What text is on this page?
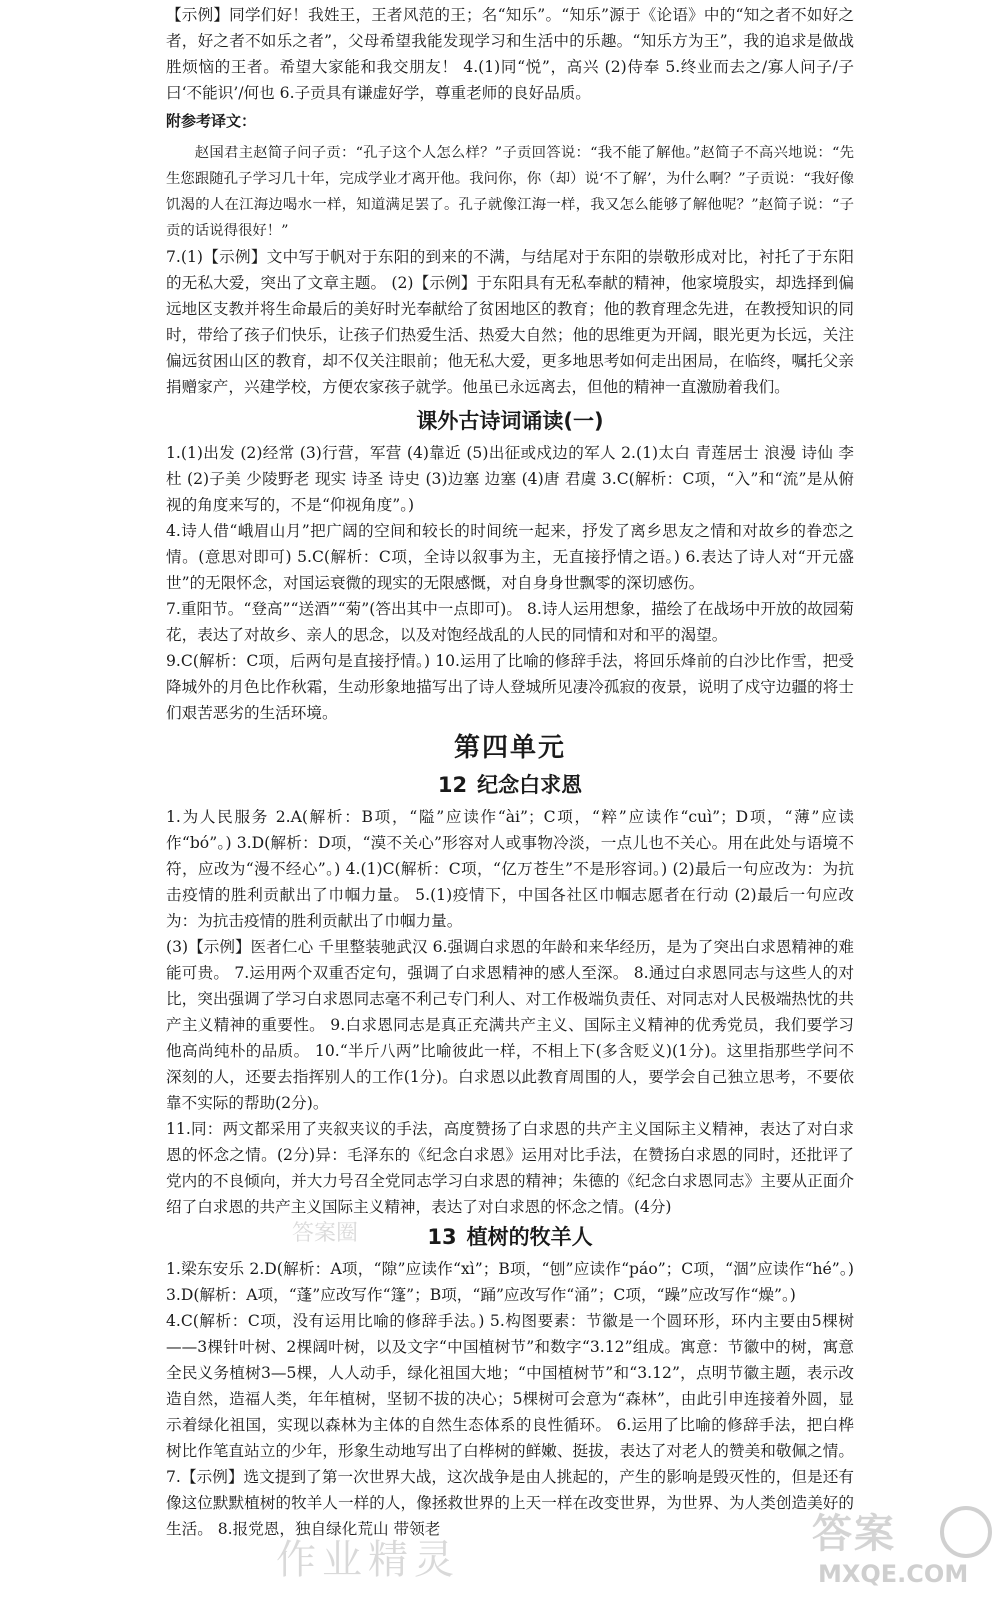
【示例】同学们好！我姓王，王者风范的王；名“知乐”。“知乐”源于《论语》中的“知之者不如好之者，好之者不如乐之者”，父母希望我能发现学习和生活中的乐趣。“知乐方为王”，我的追求是做战胜烦恼的王者。希望大家能和我交朋友！ 4.(1)同“悦”，高兴 (2)侍奉 5.终业而去之/寡人问子/子曰‘不能识’/何也 6.子贡具有谦虚好学，尊重老师的良好品质。

附参考译文：

赵国君主赵简子问子贡：“孔子这个人怎么样？”子贡回答说：“我不能了解他。”赵简子不高兴地说：“先生您跟随孔子学习几十年，完成学业才离开他。我问你，你（却）说‘不了解’，为什么啊？”子贡说：“我好像饥渴的人在江海边喝水一样，知道满足罢了。孔子就像江海一样，我又怎么能够了解他呢？”赵简子说：“子贡的话说得很好！”

7.(1)【示例】文中写于帆对于东阳的到来的不满，与结尾对于东阳的崇敬形成对比，衬托了于东阳的无私大爱，突出了文章主题。 (2)【示例】于东阳具有无私奉献的精神，他家境殷实，却选择到偏远地区支教并将生命最后的美好时光奉献给了贫困地区的教育；他的教育理念先进，在教授知识的同时，带给了孩子们快乐，让孩子们热爱生活、热爱大自然；他的思维更为开阔，眼光更为长远，关注偏远贫困山区的教育，却不仅关注眼前；他无私大爱，更多地思考如何走出困局，在临终，嘱托父亲捐赠家产，兴建学校，方便农家孩子就学。他虽已永远离去，但他的精神一直激励着我们。

课外古诗词诵读(一)

1.(1)出发 (2)经常 (3)行营，军营 (4)靠近 (5)出征或戍边的军人 2.(1)太白 青莲居士 浪漫 诗仙 李杜 (2)子美 少陵野老 现实 诗圣 诗史 (3)边塞 边塞 (4)唐 君虞 3.C(解析：C项，“入”和“流”是从俯视的角度来写的，不是“仰视角度”。)

4.诗人借“峨眉山月”把广阔的空间和较长的时间统一起来，抒发了离乡思友之情和对故乡的眷恋之情。(意思对即可) 5.C(解析：C项，全诗以叙事为主，无直接抒情之语。) 6.表达了诗人对“开元盛世”的无限怀念，对国运衰微的现实的无限感慨，对自身身世飘零的深切感伤。

7.重阳节。“登高”“送酒”“菊”(答出其中一点即可)。 8.诗人运用想象，描绘了在战场中开放的故园菊花，表达了对故乡、亲人的思念，以及对饱经战乱的人民的同情和对和平的渴望。

9.C(解析：C项，后两句是直接抒情。) 10.运用了比喻的修辞手法，将回乐烽前的白沙比作雪，把受降城外的月色比作秋霜，生动形象地描写出了诗人登城所见凄冷孤寂的夜景，说明了戍守边疆的将士们艰苦恶劣的生活环境。

第四单元
12 纪念白求恩

1.为人民服务 2.A(解析：B项，“隘”应读作“ài”；C项，“粹”应读作“cuì”；D项，“薄”应读作“bó”。) 3.D(解析：D项，“漠不关心”形容对人或事物冷淡，一点儿也不关心。用在此处与语境不符，应改为“漫不经心”。) 4.(1)C(解析：C项，“亿万苍生”不是形容词。) (2)最后一句应改为：为抗击疫情的胜利贡献出了巾帼力量。 5.(1)疫情下，中国各社区巾帼志愿者在行动 (2)最后一句应改为：为抗击疫情的胜利贡献出了巾帼力量。

(3)【示例】医者仁心 千里整装驰武汉 6.强调白求恩的年龄和来华经历，是为了突出白求恩精神的难能可贵。 7.运用两个双重否定句，强调了白求恩精神的感人至深。 8.通过白求恩同志与这些人的对比，突出强调了学习白求恩同志毫不利己专门利人、对工作极端负责任、对同志对人民极端热忱的共产主义精神的重要性。 9.白求恩同志是真正充满共产主义、国际主义精神的优秀党员，我们要学习他高尚纯朴的品质。 10.“半斤八两”比喻彼此一样，不相上下(多含贬义)(1分)。这里指那些学问不深刻的人，还要去指挥别人的工作(1分)。白求恩以此教育周围的人，要学会自己独立思考，不要依靠不实际的帮助(2分)。

11.同：两文都采用了夹叙夹议的手法，高度赞扬了白求恩的共产主义国际主义精神，表达了对白求恩的怀念之情。(2分)异：毛泽东的《纪念白求恩》运用对比手法，在赞扬白求恩的同时，还批评了党内的不良倾向，并大力号召全党同志学习白求恩的精神；朱德的《纪念白求恩同志》主要从正面介绍了白求恩的共产主义国际主义精神，表达了对白求恩的怀念之情。(4分)

13 植树的牧羊人

1.梁东安乐 2.D(解析：A项，“隙”应读作“xì”；B项，“刨”应读作“páo”；C项，“涸”应读作“hé”。) 3.D(解析：A项，“蓬”应改写作“篷”；B项，“踊”应改写作“涌”；C项，“躁”应改写作“燥”。)

4.C(解析：C项，没有运用比喻的修辞手法。) 5.构图要素：节徽是一个圆环形，环内主要由5棵树——3棵针叶树、2棵阔叶树，以及文字“中国植树节”和数字“3.12”组成。寓意：节徽中的树，寓意全民义务植树3—5棵，人人动手，绿化祖国大地；“中国植树节”和“3.12”，点明节徽主题，表示改造自然，造福人类，年年植树，坚韧不拔的决心；5棵树可会意为“森林”，由此引申连接着外圆，显示着绿化祖国，实现以森林为主体的自然生态体系的良性循环。 6.运用了比喻的修辞手法，把白桦树比作笔直站立的少年，形象生动地写出了白桦树的鲜嫩、挺拔，表达了对老人的赞美和敬佩之情。 7.【示例】选文提到了第一次世界大战，这次战争是由人挑起的，产生的影响是毁灭性的，但是还有像这位默默植树的牧羊人一样的人，像拯救世界的上天一样在改变世界，为世界、为人类创造美好的生活。 8.报党恩，独自绿化荒山 带领老

答案圈
作业精灵
答案
MXQE.COM
